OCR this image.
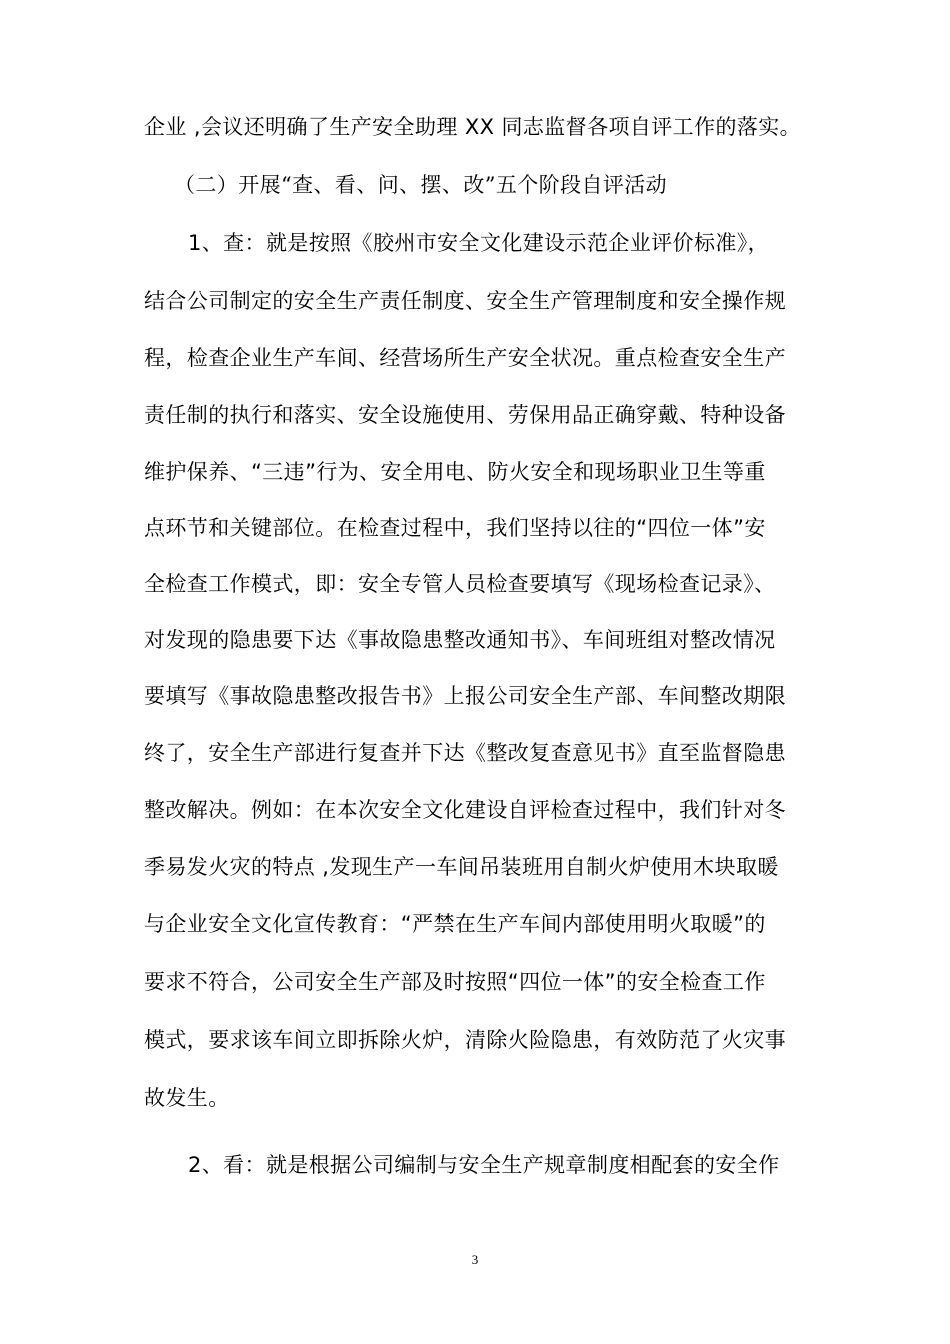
企业 ,会议还明确了生产安全助理 XX 同志监督各项自评工作的落实。
（二）开展“查、看、问、摆、改”五个阶段自评活动
1、查：就是按照《胶州市安全文化建设示范企业评价标准》，
结合公司制定的安全生产责任制度、安全生产管理制度和安全操作规
程，检查企业生产车间、经营场所生产安全状况。重点检查安全生产
责任制的执行和落实、安全设施使用、劳保用品正确穿戴、特种设备
维护保养、“三违”行为、安全用电、防火安全和现场职业卫生等重
点环节和关键部位。在检查过程中，我们坚持以往的“四位一体”安
全检查工作模式，即：安全专管人员检查要填写《现场检查记录》、
对发现的隐患要下达《事故隐患整改通知书》、车间班组对整改情况
要填写《事故隐患整改报告书》上报公司安全生产部、车间整改期限
终了，安全生产部进行复查并下达《整改复查意见书》直至监督隐患
整改解决。例如：在本次安全文化建设自评检查过程中，我们针对冬
季易发火灾的特点 ,发现生产一车间吊装班用自制火炉使用木块取暖
与企业安全文化宣传教育：“严禁在生产车间内部使用明火取暖”的
要求不符合，公司安全生产部及时按照“四位一体”的安全检查工作
模式，要求该车间立即拆除火炉，清除火险隐患，有效防范了火灾事
故发生。
2、看：就是根据公司编制与安全生产规章制度相配套的安全作
3
